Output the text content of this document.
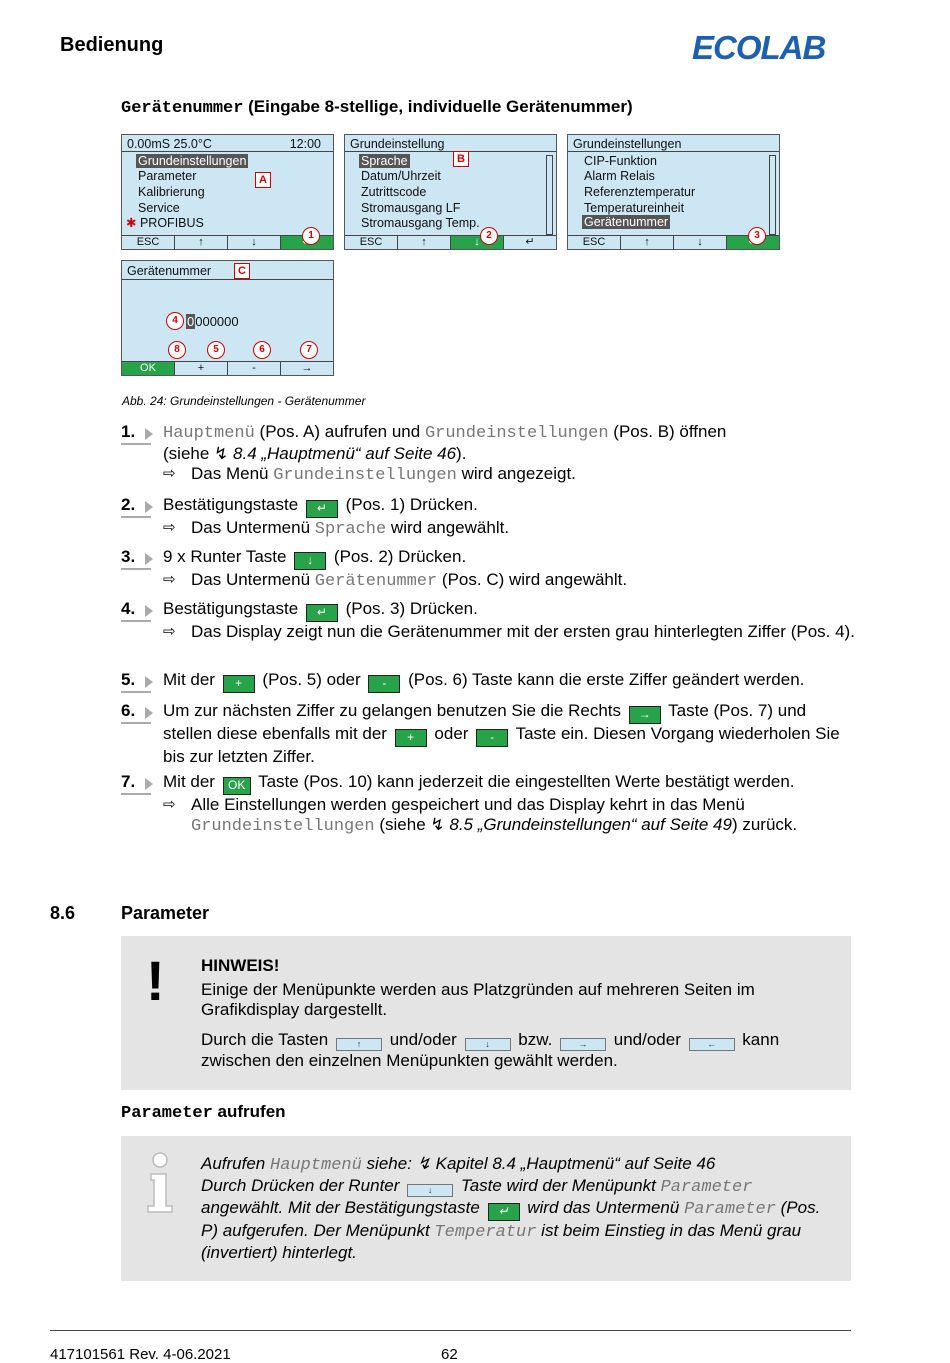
Bedienung	ECOLAB
Gerätenummer (Eingabe 8-stellige, individuelle Gerätenummer)
0.00mS 25.0°C	12:00
Grundeinstellungen
Parameter
Kalibrierung
Service
✱ PROFIBUS
A
ESC	↑	↓
1
Grundeinstellung
Sprache
Datum/Uhrzeit
Zutrittscode
Stromausgang LF
Stromausgang Temp.
B
ESC	↑	↓	↵
2
Grundeinstellungen
CIP-Funktion
Alarm Relais
Referenztemperatur
Temperatureinheit
Gerätenummer
ESC	↑	↓
3
Gerätenummer	C
4 0000000
8	5	6	7
OK	+	-	→
Abb. 24: Grundeinstellungen - Gerätenummer
1.	Hauptmenü (Pos. A) aufrufen und Grundeinstellungen (Pos. B) öffnen
(siehe ↯ 8.4 „Hauptmenü“ auf Seite 46).
⇨ Das Menü Grundeinstellungen wird angezeigt.
2.	Bestätigungstaste ↵ (Pos. 1) Drücken.
⇨ Das Untermenü Sprache wird angewählt.
3.	9 x Runter Taste ↓ (Pos. 2) Drücken.
⇨ Das Untermenü Gerätenummer (Pos. C) wird angewählt.
4.	Bestätigungstaste ↵ (Pos. 3) Drücken.
⇨ Das Display zeigt nun die Gerätenummer mit der ersten grau hinterlegten Ziffer (Pos. 4).
5.	Mit der + (Pos. 5) oder - (Pos. 6) Taste kann die erste Ziffer geändert werden.
6.	Um zur nächsten Ziffer zu gelangen benutzen Sie die Rechts → Taste (Pos. 7) und stellen diese ebenfalls mit der + oder - Taste ein. Diesen Vorgang wiederholen Sie bis zur letzten Ziffer.
7.	Mit der OK Taste (Pos. 10) kann jederzeit die eingestellten Werte bestätigt werden.
⇨ Alle Einstellungen werden gespeichert und das Display kehrt in das Menü Grundeinstellungen (siehe ↯ 8.5 „Grundeinstellungen“ auf Seite 49) zurück.
8.6	Parameter
HINWEIS!
Einige der Menüpunkte werden aus Platzgründen auf mehreren Seiten im Grafikdisplay dargestellt.
Durch die Tasten	↑ und/oder	↓ bzw. → und/oder ← kann zwischen den einzelnen Menüpunkten gewählt werden.
!
Parameter aufrufen
Aufrufen Hauptmenü siehe: ↯ Kapitel 8.4 „Hauptmenü“ auf Seite 46
Durch Drücken der Runter	↓ Taste wird der Menüpunkt Parameter angewählt. Mit der Bestätigungstaste ↵ wird das Untermenü Parameter (Pos. P) aufgerufen. Der Menüpunkt Temperatur ist beim Einstieg in das Menü grau (invertiert) hinterlegt.
417101561 Rev. 4-06.2021	62
